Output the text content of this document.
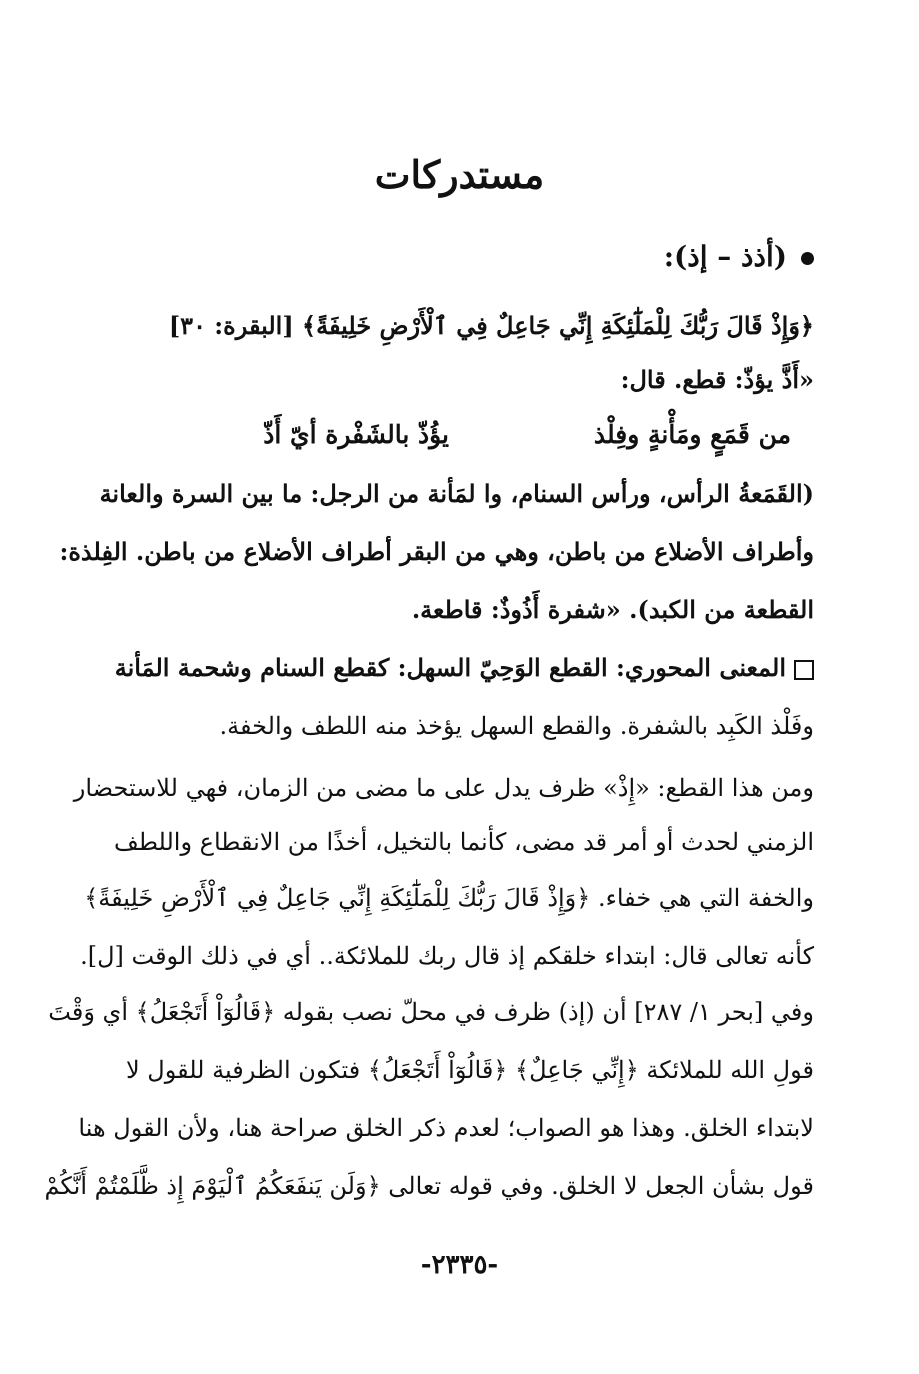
مستدركات
(أذذ – إذ):
﴿وَإِذْ قَالَ رَبُّكَ لِلْمَلَٰٓئِكَةِ إِنِّي جَاعِلٌ فِي ٱلْأَرْضِ خَلِيفَةً﴾ [البقرة: ٣٠]
«أَذَّ يؤذّ: قطع. قال:
من قَمَعٍ ومَأْنةٍ وفِلْذ
يؤُذّ بالشَفْرة أيّ أَذّ
(القَمَعةُ الرأس، ورأس السنام، وا لمَأنة من الرجل: ما بين السرة والعانة
وأطراف الأضلاع من باطن، وهي من البقر أطراف الأضلاع من باطن. الفِلذة:
القطعة من الكبد). «شفرة أَذُوذٌ: قاطعة.
المعنى المحوري: القطع الوَحِيّ السهل: كقطع السنام وشحمة المَأنة
وفَلْذ الكَبِد بالشفرة. والقطع السهل يؤخذ منه اللطف والخفة.
ومن هذا القطع: «إِذْ» ظرف يدل على ما مضى من الزمان، فهي للاستحضار
الزمني لحدث أو أمر قد مضى، كأنما بالتخيل، أخذًا من الانقطاع واللطف
والخفة التي هي خفاء. ﴿وَإِذْ قَالَ رَبُّكَ لِلْمَلَٰٓئِكَةِ إِنِّي جَاعِلٌ فِي ٱلْأَرْضِ خَلِيفَةً﴾
كأنه تعالى قال: ابتداء خلقكم إذ قال ربك للملائكة.. أي في ذلك الوقت [ل].
وفي [بحر ١/ ٢٨٧] أن (إذ) ظرف في محلّ نصب بقوله ﴿قَالُوٓاْ أَتَجْعَلُ﴾ أي وَقْتَ
قولِ الله للملائكة ﴿إِنِّي جَاعِلٌ﴾ ﴿قَالُوٓاْ أَتَجْعَلُ﴾ فتكون الظرفية للقول لا
لابتداء الخلق. وهذا هو الصواب؛ لعدم ذكر الخلق صراحة هنا، ولأن القول هنا
قول بشأن الجعل لا الخلق. وفي قوله تعالى ﴿وَلَن يَنفَعَكُمُ ٱلْيَوْمَ إِذ ظَّلَمْتُمْ أَنَّكُمْ
-٢٣٣٥-
